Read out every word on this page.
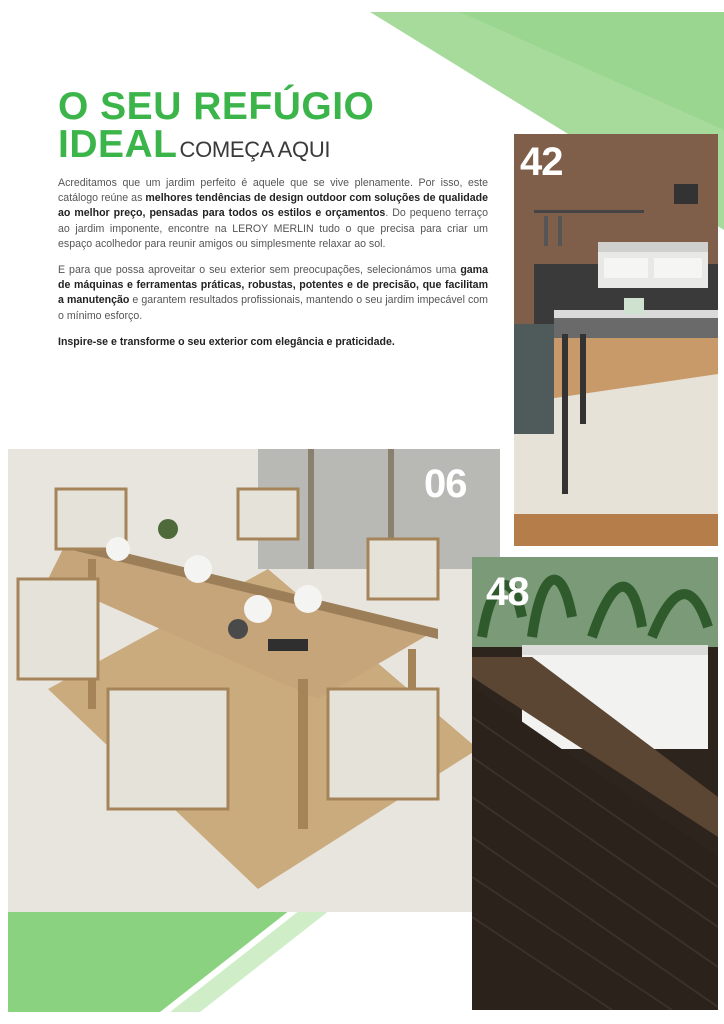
O SEU REFÚGIO
IDEALCOMEÇA AQUI

Acreditamos que um jardim perfeito é aquele que se vive plenamente. Por isso, este catálogo reúne as melhores tendências de design outdoor com soluções de qualidade ao melhor preço, pensadas para todos os estilos e orçamentos. Do pequeno terraço ao jardim imponente, encontre na LEROY MERLIN tudo o que precisa para criar um espaço acolhedor para reunir amigos ou simplesmente relaxar ao sol.

E para que possa aproveitar o seu exterior sem preocupações, selecionámos uma gama de máquinas e ferramentas práticas, robustas, potentes e de precisão, que facilitam a manutenção e garantem resultados profissionais, mantendo o seu jardim impecável com o mínimo esforço.

Inspire-se e transforme o seu exterior com elegância e praticidade.

42
06
48
